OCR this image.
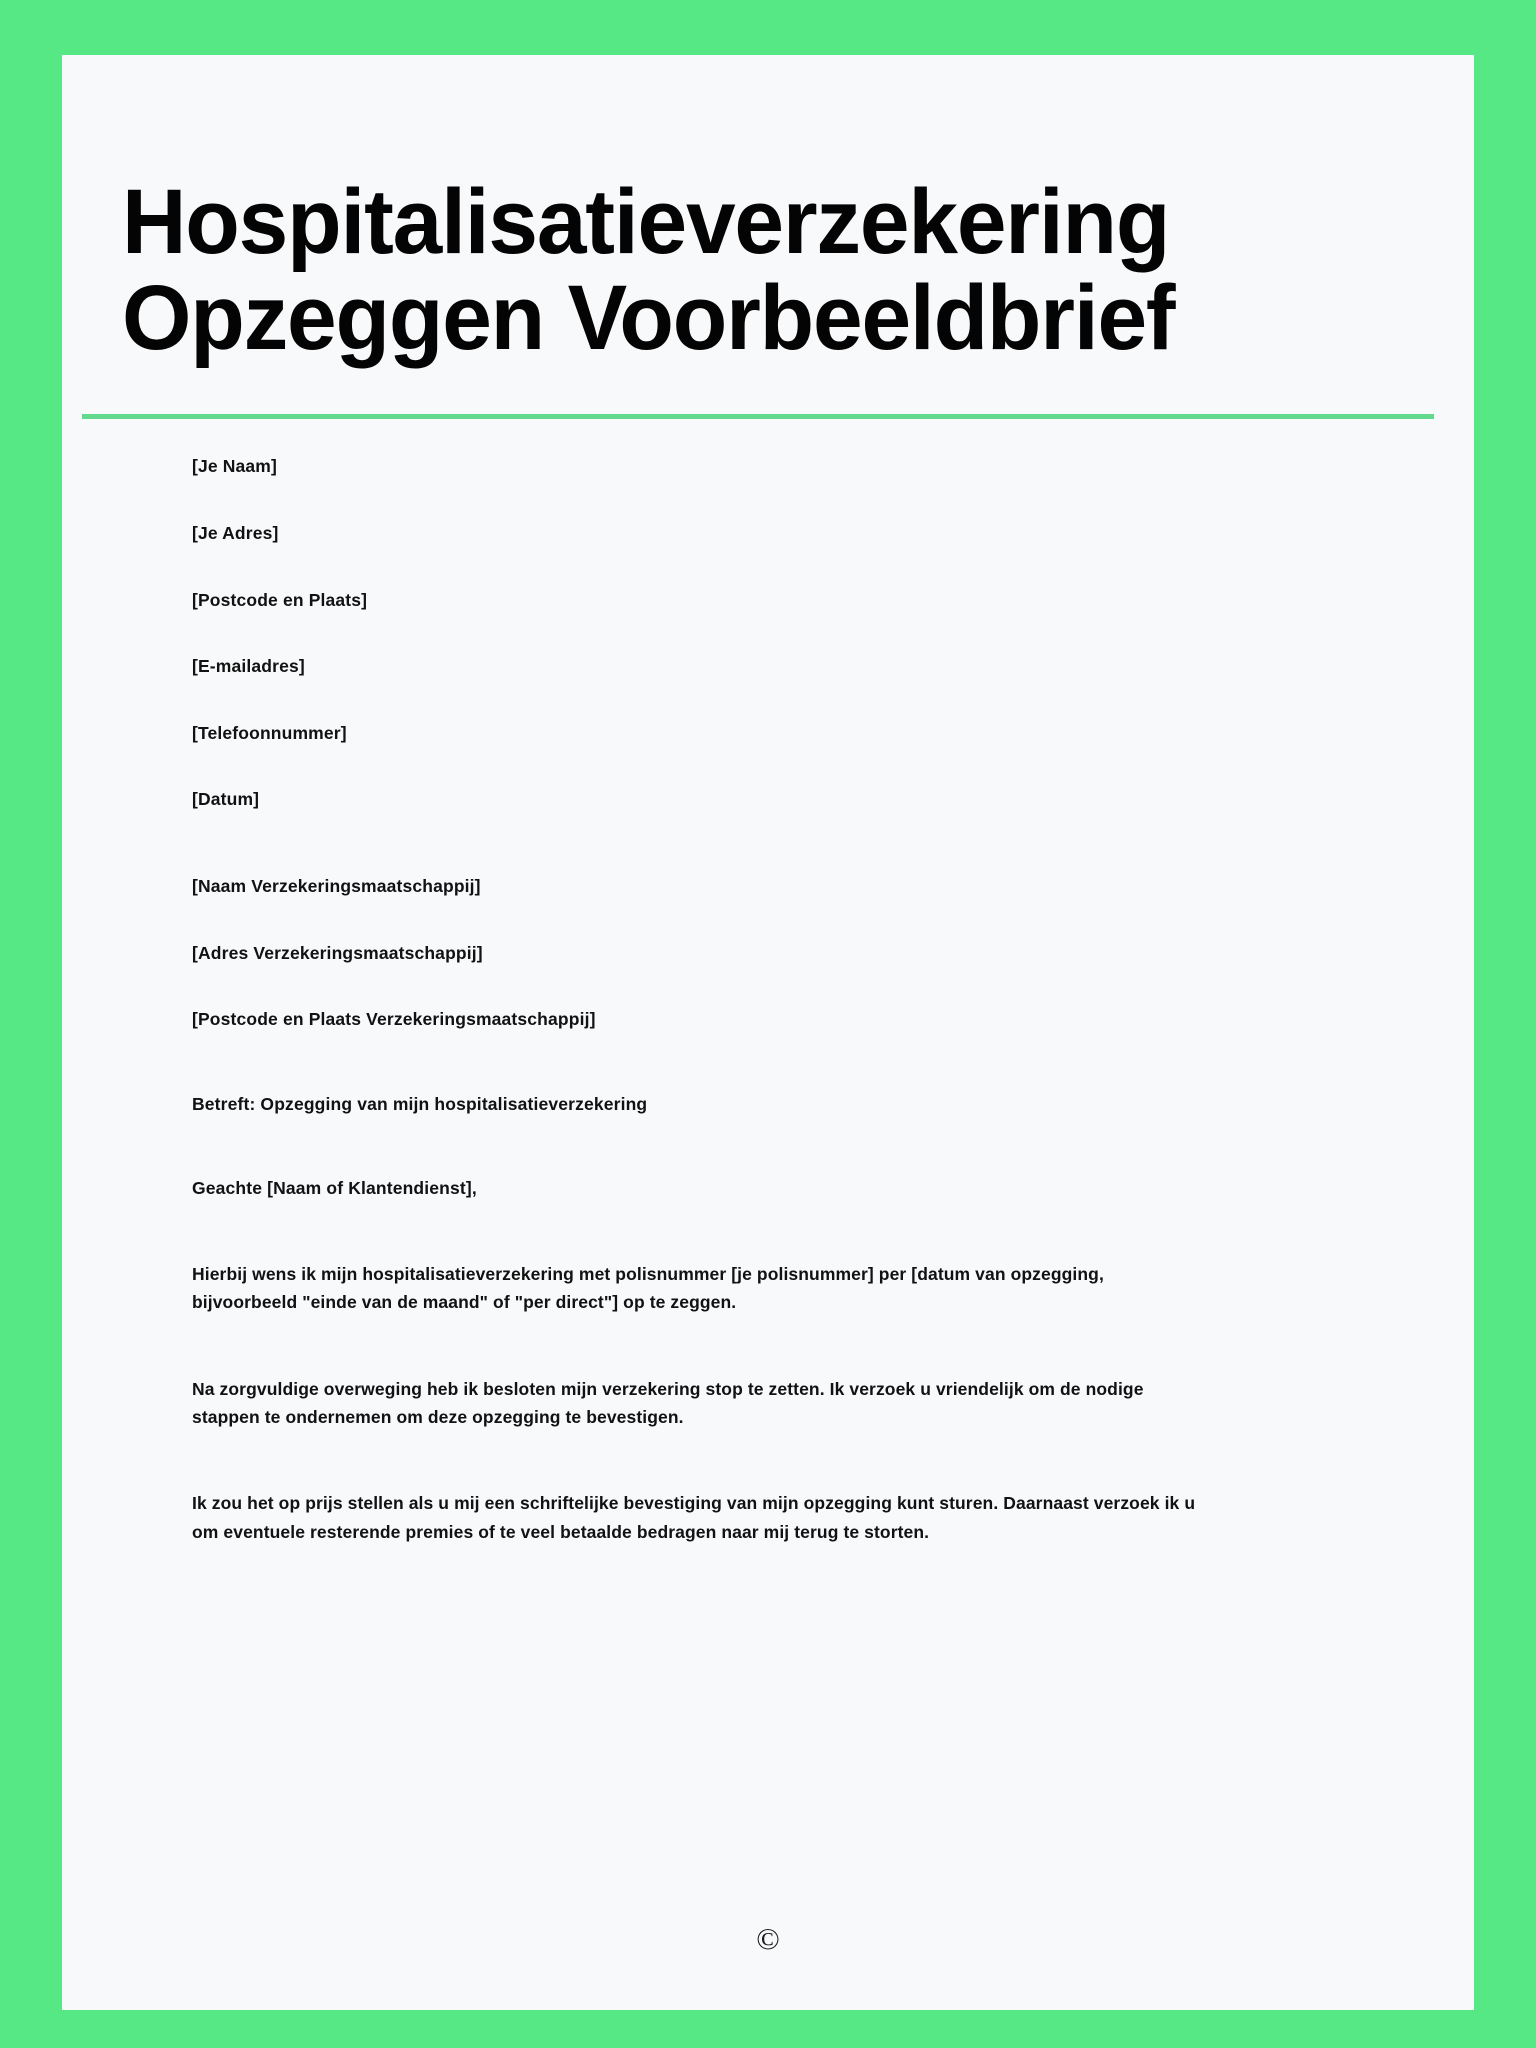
Hospitalisatieverzekering
Opzeggen Voorbeeldbrief

[Je Naam]

[Je Adres]

[Postcode en Plaats]

[E-mailadres]

[Telefoonnummer]

[Datum]

[Naam Verzekeringsmaatschappij]

[Adres Verzekeringsmaatschappij]

[Postcode en Plaats Verzekeringsmaatschappij]

Betreft: Opzegging van mijn hospitalisatieverzekering

Geachte [Naam of Klantendienst],

Hierbij wens ik mijn hospitalisatieverzekering met polisnummer [je polisnummer] per [datum van opzegging, bijvoorbeeld "einde van de maand" of "per direct"] op te zeggen.

Na zorgvuldige overweging heb ik besloten mijn verzekering stop te zetten. Ik verzoek u vriendelijk om de nodige stappen te ondernemen om deze opzegging te bevestigen.

Ik zou het op prijs stellen als u mij een schriftelijke bevestiging van mijn opzegging kunt sturen. Daarnaast verzoek ik u om eventuele resterende premies of te veel betaalde bedragen naar mij terug te storten.

©
